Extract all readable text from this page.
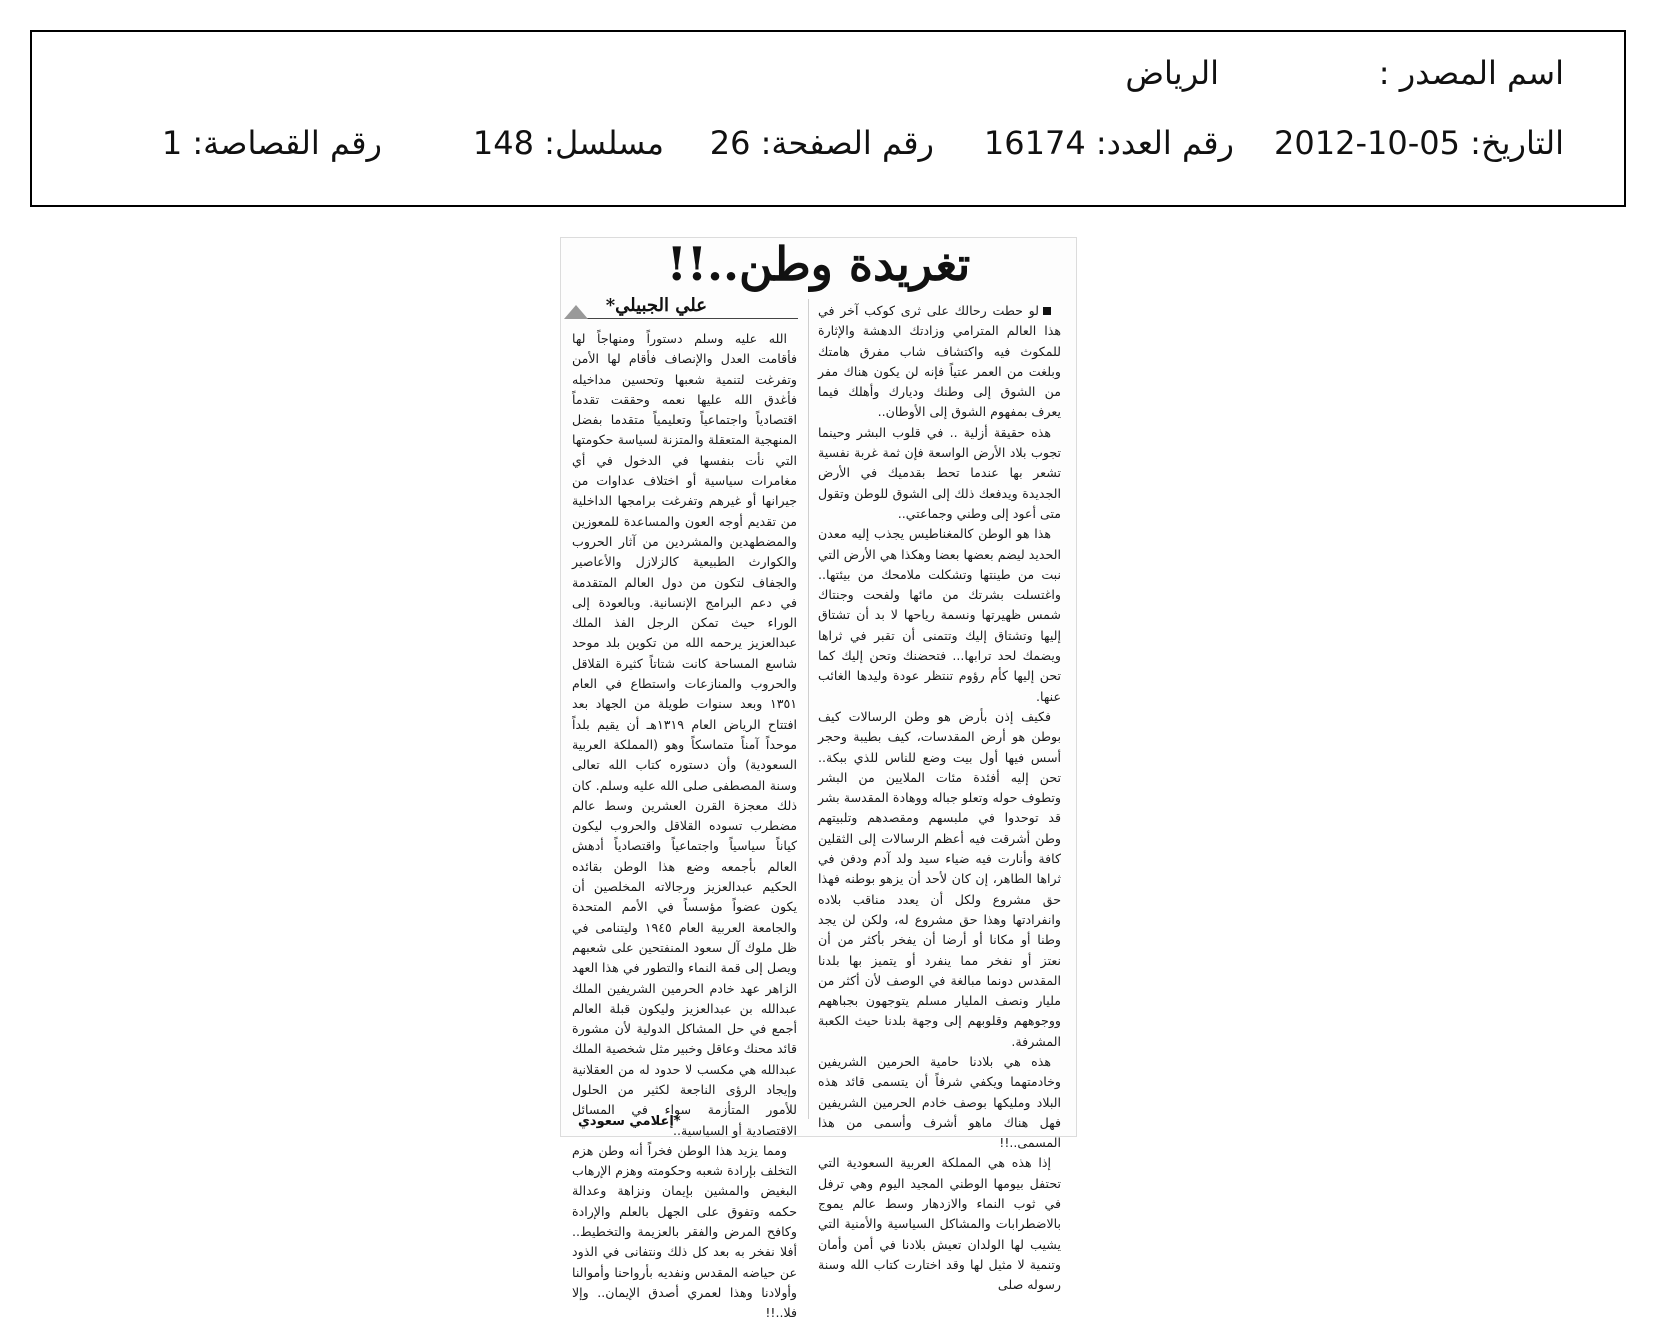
اسم المصدر :
الرياض
التاريخ: 2012-10-05
رقم العدد: 16174
رقم الصفحة: 26
مسلسل: 148
رقم القصاصة: 1
تغريدة وطن..!!
علي الجبيلي*	لو حطت رحالك على ثرى كوكب آخر في هذا العالم المترامي وزادتك الدهشة والإثارة للمكوث فيه واكتشاف شاب مفرق هامتك وبلغت من العمر عتياً فإنه لن يكون هناك مفر من الشوق إلى وطنك وديارك وأهلك فيما يعرف بمفهوم الشوق إلى الأوطان..

هذه حقيقة أزلية .. في قلوب البشر وحينما تجوب بلاد الأرض الواسعة فإن ثمة غربة نفسية تشعر بها عندما تحط بقدميك في الأرض الجديدة ويدفعك ذلك إلى الشوق للوطن وتقول متى أعود إلى وطني وجماعتي..

هذا هو الوطن كالمغناطيس يجذب إليه معدن الحديد ليضم بعضها بعضا وهكذا هي الأرض التي نبت من طينتها وتشكلت ملامحك من بيئتها.. واغتسلت بشرتك من مائها ولفحت وجنتاك شمس ظهيرتها ونسمة رياحها لا بد أن تشتاق إليها وتشتاق إليك وتتمنى أن تقبر في ثراها ويضمك لحد ترابها... فتحضنك وتحن إليك كما تحن إليها كأم رؤوم تنتظر عودة وليدها الغائب عنها.

فكيف إذن بأرض هو وطن الرسالات كيف بوطن هو أرض المقدسات، كيف بطيبة وحجر أسس فيها أول بيت وضع للناس للذي ببكة.. تحن إليه أفئدة مئات الملايين من البشر وتطوف حوله وتعلو جباله ووهادة المقدسة بشر قد توحدوا في ملبسهم ومقصدهم وتلبيتهم وطن أشرقت فيه أعظم الرسالات إلى الثقلين كافة وأنارت فيه ضياء سيد ولد آدم ودفن في ثراها الطاهر، إن كان لأحد أن يزهو بوطنه فهذا حق مشروع ولكل أن يعدد مناقب بلاده وانفرادتها وهذا حق مشروع له، ولكن لن يجد وطنا أو مكانا أو أرضا أن يفخر بأكثر من أن نعتز أو نفخر مما ينفرد أو يتميز بها بلدنا المقدس دونما مبالغة في الوصف لأن أكثر من مليار ونصف المليار مسلم يتوجهون بجباههم ووجوههم وقلوبهم إلى وجهة بلدنا حيث الكعبة المشرفة.

هذه هي بلادنا حامية الحرمين الشريفين وخادمتهما ويكفي شرفاً أن يتسمى قائد هذه البلاد ومليكها بوصف خادم الحرمين الشريفين فهل هناك ماهو أشرف وأسمى من هذا المسمى..!!

إذا هذه هي المملكة العربية السعودية التي تحتفل بيومها الوطني المجيد اليوم وهي ترفل في ثوب النماء والازدهار وسط عالم يموج بالاضطرابات والمشاكل السياسية والأمنية التي يشيب لها الولدان تعيش بلادنا في أمن وأمان وتنمية لا مثيل لها وقد اختارت كتاب الله وسنة رسوله صلى

الله عليه وسلم دستوراً ومنهاجاً لها فأقامت العدل والإنصاف فأقام لها الأمن وتفرغت لتنمية شعبها وتحسين مداخيله فأغدق الله عليها نعمه وحققت تقدماً اقتصادياً واجتماعياً وتعليمياً متقدما بفضل المنهجية المتعقلة والمتزنة لسياسة حكومتها التي نأت بنفسها في الدخول في أي مغامرات سياسية أو اختلاف عداوات من جيرانها أو غيرهم وتفرغت برامجها الداخلية من تقديم أوجه العون والمساعدة للمعوزين والمضطهدين والمشردين من آثار الحروب والكوارث الطبيعية كالزلازل والأعاصير والجفاف لتكون من دول العالم المتقدمة في دعم البرامج الإنسانية. وبالعودة إلى الوراء حيث تمكن الرجل الفذ الملك عبدالعزيز يرحمه الله من تكوين بلد موحد شاسع المساحة كانت شتاتاً كثيرة القلاقل والحروب والمنازعات واستطاع في العام ١٣٥١ وبعد سنوات طويلة من الجهاد بعد افتتاح الرياض العام ١٣١٩هـ أن يقيم بلداً موحداً آمناً متماسكاً وهو (المملكة العربية السعودية) وأن دستوره كتاب الله تعالى وسنة المصطفى صلى الله عليه وسلم. كان ذلك معجزة القرن العشرين وسط عالم مضطرب تسوده القلاقل والحروب ليكون كياناً سياسياً واجتماعياً واقتصادياً أدهش العالم بأجمعه وضع هذا الوطن بقائده الحكيم عبدالعزيز ورجالاته المخلصين أن يكون عضواً مؤسساً في الأمم المتحدة والجامعة العربية العام ١٩٤٥ وليتنامى في ظل ملوك آل سعود المنفتحين على شعبهم ويصل إلى قمة النماء والتطور في هذا العهد الزاهر عهد خادم الحرمين الشريفين الملك عبدالله بن عبدالعزيز وليكون قبلة العالم أجمع في حل المشاكل الدولية لأن مشورة قائد محنك وعاقل وخبير مثل شخصية الملك عبدالله هي مكسب لا حدود له من العقلانية وإيجاد الرؤى الناجعة لكثير من الحلول للأمور المتأزمة سواء في المسائل الاقتصادية أو السياسية..

ومما يزيد هذا الوطن فخراً أنه وطن هزم التخلف بإرادة شعبه وحكومته وهزم الإرهاب البغيض والمشين بإيمان ونزاهة وعدالة حكمه وتفوق على الجهل بالعلم والإرادة وكافح المرض والفقر بالعزيمة والتخطيط.. أفلا نفخر به بعد كل ذلك ونتفانى في الذود عن حياضه المقدس ونفديه بأرواحنا وأموالنا وأولادنا وهذا لعمري أصدق الإيمان.. وإلا فلا..!!

*إعلامي سعودي
